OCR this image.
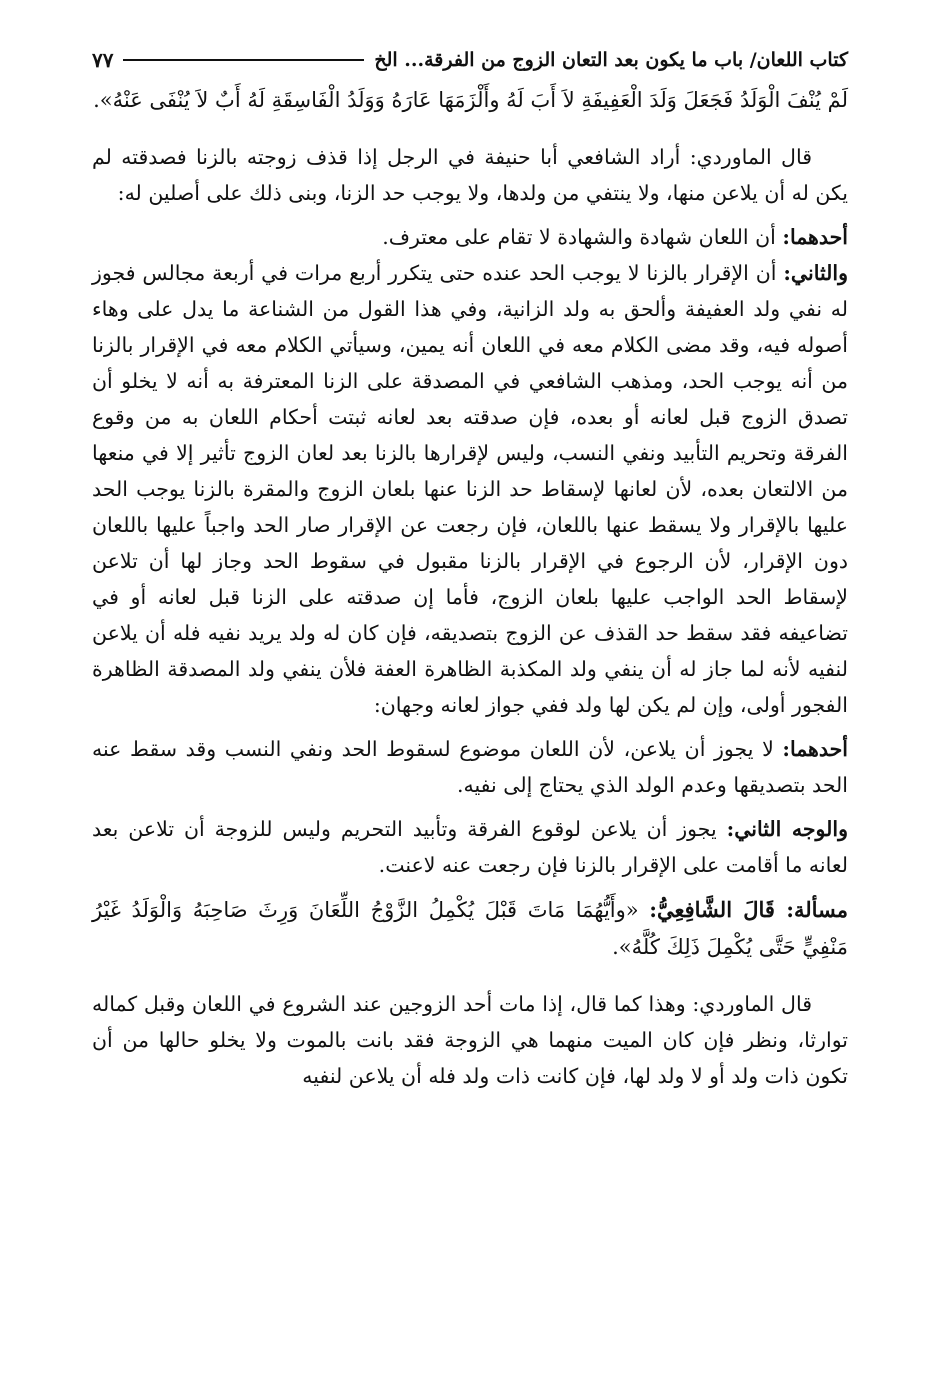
كتاب اللعان/ باب ما يكون بعد التعان الزوج من الفرقة... الخ
٧٧

لَمْ يُنْفَ الْوَلَدُ فَجَعَلَ وَلَدَ الْعَفِيفَةِ لاَ أَبَ لَهُ وأَلْزَمَهَا عَارَهُ وَوَلَدُ الْفَاسِقَةِ لَهُ أَبٌ لاَ يُنْفَى عَنْهُ».

قال الماوردي: أراد الشافعي أبا حنيفة في الرجل إذا قذف زوجته بالزنا فصدقته لم يكن له أن يلاعن منها، ولا ينتفي من ولدها، ولا يوجب حد الزنا، وبنى ذلك على أصلين له:

أحدهما: أن اللعان شهادة والشهادة لا تقام على معترف.

والثاني: أن الإقرار بالزنا لا يوجب الحد عنده حتى يتكرر أربع مرات في أربعة مجالس فجوز له نفي ولد العفيفة وألحق به ولد الزانية، وفي هذا القول من الشناعة ما يدل على وهاء أصوله فيه، وقد مضى الكلام معه في اللعان أنه يمين، وسيأتي الكلام معه في الإقرار بالزنا من أنه يوجب الحد، ومذهب الشافعي في المصدقة على الزنا المعترفة به أنه لا يخلو أن تصدق الزوج قبل لعانه أو بعده، فإن صدقته بعد لعانه ثبتت أحكام اللعان به من وقوع الفرقة وتحريم التأبيد ونفي النسب، وليس لإقرارها بالزنا بعد لعان الزوج تأثير إلا في منعها من الالتعان بعده، لأن لعانها لإسقاط حد الزنا عنها بلعان الزوج والمقرة بالزنا يوجب الحد عليها بالإقرار ولا يسقط عنها باللعان، فإن رجعت عن الإقرار صار الحد واجباً عليها باللعان دون الإقرار، لأن الرجوع في الإقرار بالزنا مقبول في سقوط الحد وجاز لها أن تلاعن لإسقاط الحد الواجب عليها بلعان الزوج، فأما إن صدقته على الزنا قبل لعانه أو في تضاعيفه فقد سقط حد القذف عن الزوج بتصديقه، فإن كان له ولد يريد نفيه فله أن يلاعن لنفيه لأنه لما جاز له أن ينفي ولد المكذبة الظاهرة العفة فلأن ينفي ولد المصدقة الظاهرة الفجور أولى، وإن لم يكن لها ولد ففي جواز لعانه وجهان:

أحدهما: لا يجوز أن يلاعن، لأن اللعان موضوع لسقوط الحد ونفي النسب وقد سقط عنه الحد بتصديقها وعدم الولد الذي يحتاج إلى نفيه.

والوجه الثاني: يجوز أن يلاعن لوقوع الفرقة وتأبيد التحريم وليس للزوجة أن تلاعن بعد لعانه ما أقامت على الإقرار بالزنا فإن رجعت عنه لاعنت.

مسألة: قَالَ الشَّافِعِيُّ: «وأَيُّهُمَا مَاتَ قَبْلَ يُكْمِلُ الزَّوْجُ اللِّعَانَ وَرِثَ صَاحِبَهُ وَالْوَلَدُ غَيْرُ مَنْفِيٍّ حَتَّى يُكْمِلَ ذَلِكَ كُلَّهُ».

قال الماوردي: وهذا كما قال، إذا مات أحد الزوجين عند الشروع في اللعان وقبل كماله توارثا، ونظر فإن كان الميت منهما هي الزوجة فقد بانت بالموت ولا يخلو حالها من أن تكون ذات ولد أو لا ولد لها، فإن كانت ذات ولد فله أن يلاعن لنفيه
